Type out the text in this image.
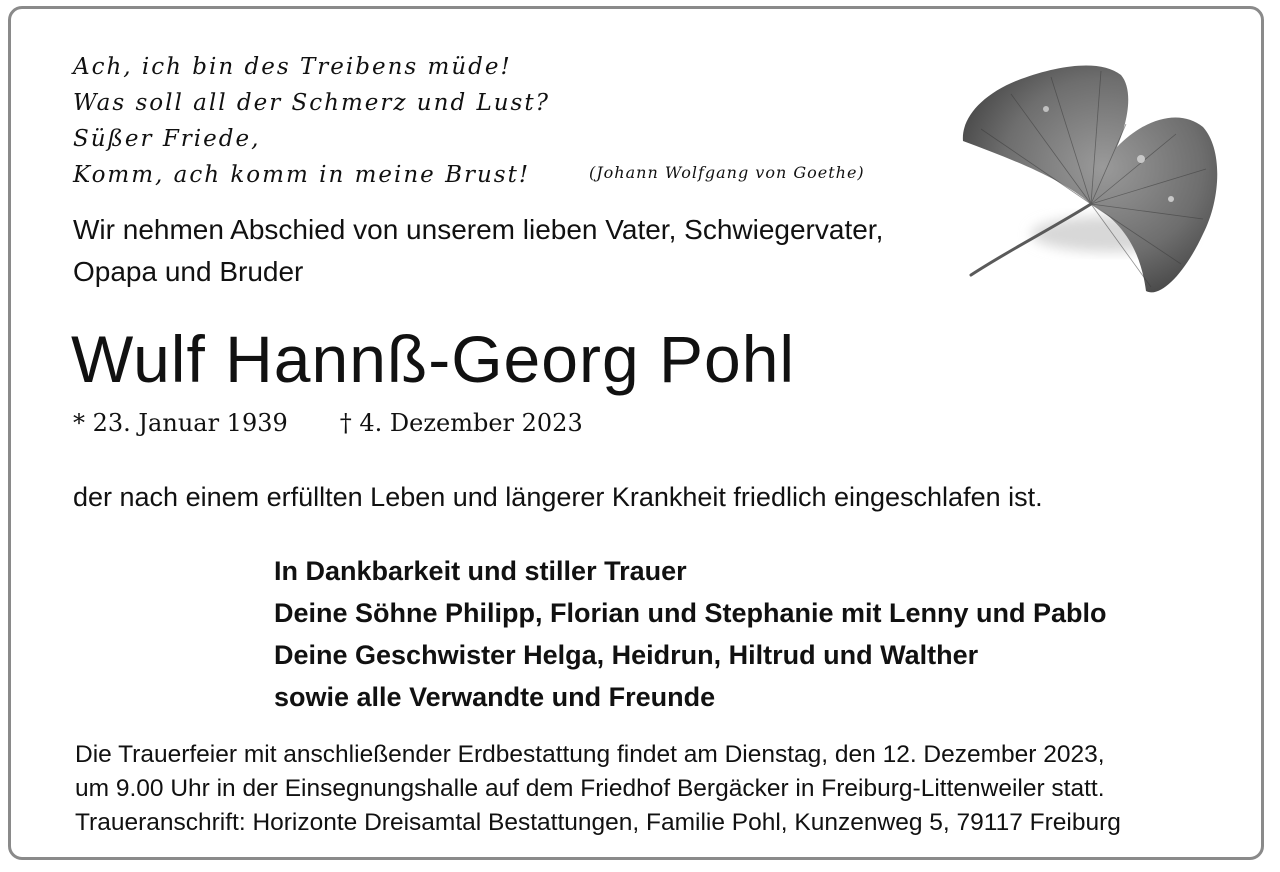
Ach, ich bin des Treibens müde!
Was soll all der Schmerz und Lust?
Süßer Friede,
Komm, ach komm in meine Brust!	(Johann Wolfgang von Goethe)
Wir nehmen Abschied von unserem lieben Vater, Schwiegervater,
Opapa und Bruder
Wulf Hannß-Georg Pohl
* 23. Januar 1939 † 4. Dezember 2023
der nach einem erfüllten Leben und längerer Krankheit friedlich eingeschlafen ist.
In Dankbarkeit und stiller Trauer
Deine Söhne Philipp, Florian und Stephanie mit Lenny und Pablo
Deine Geschwister Helga, Heidrun, Hiltrud und Walther
sowie alle Verwandte und Freunde
Die Trauerfeier mit anschließender Erdbestattung findet am Dienstag, den 12. Dezember 2023,
um 9.00 Uhr in der Einsegnungshalle auf dem Friedhof Bergäcker in Freiburg-Littenweiler statt.
Traueranschrift: Horizonte Dreisamtal Bestattungen, Familie Pohl, Kunzenweg 5, 79117 Freiburg
